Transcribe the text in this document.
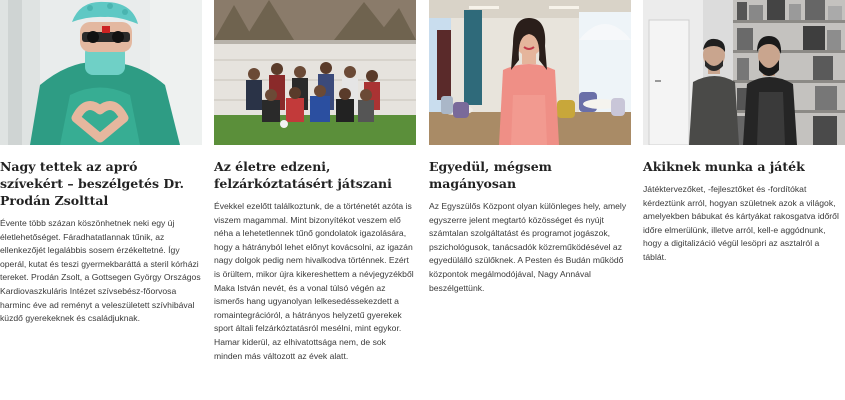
Nagy tettek az apró szívekért – beszélgetés Dr. Prodán Zsolttal

Évente több százan köszönhetnek neki egy új életlehetőséget. Fáradhatatlannak tűnik, az ellenkezőjét legalábbis sosem érzékeltetné. Így operál, kutat és teszi gyermekbaráttá a steril kórházi tereket. Prodán Zsolt, a Gottsegen György Országos Kardiovaszkuláris Intézet szívsebész-főorvosa harminc éve ad reményt a veleszületett szívhibával küzdő gyerekeknek és családjuknak.

Az életre edzeni, felzárkóztatásért játszani

Évekkel ezelőtt találkoztunk, de a történetét azóta is viszem magammal. Mint bizonyítékot veszem elő néha a lehetetlennek tűnő gondolatok igazolására, hogy a hátrányból lehet előnyt kovácsolni, az igazán nagy dolgok pedig nem hivalkodva történnek. Ezért is örültem, mikor újra kikereshettem a névjegyzékből Maka István nevét, és a vonal túlsó végén az ismerős hang ugyanolyan lelkesedéssekezdett a romaintegrációról, a hátrányos helyzetű gyerekek sport általi felzárkóztatásról mesélni, mint egykor. Hamar kiderül, az elhivatottsága nem, de sok minden más változott az évek alatt.

Egyedül, mégsem magányosan

Az Egyszülős Központ olyan különleges hely, amely egyszerre jelent megtartó közösséget és nyújt számtalan szolgáltatást és programot jogászok, pszichológusok, tanácsadók közreműködésével az egyedülálló szülőknek. A Pesten és Budán működő központok megálmodójával, Nagy Annával beszélgettünk.

Akiknek munka a játék

Játéktervezőket, -fejlesztőket és -fordítókat kérdeztünk arról, hogyan születnek azok a világok, amelyekben bábukat és kártyákat rakosgatva időről időre elmerülünk, illetve arról, kell-e aggódnunk, hogy a digitalizáció végül lesöpri az asztalról a táblát.
